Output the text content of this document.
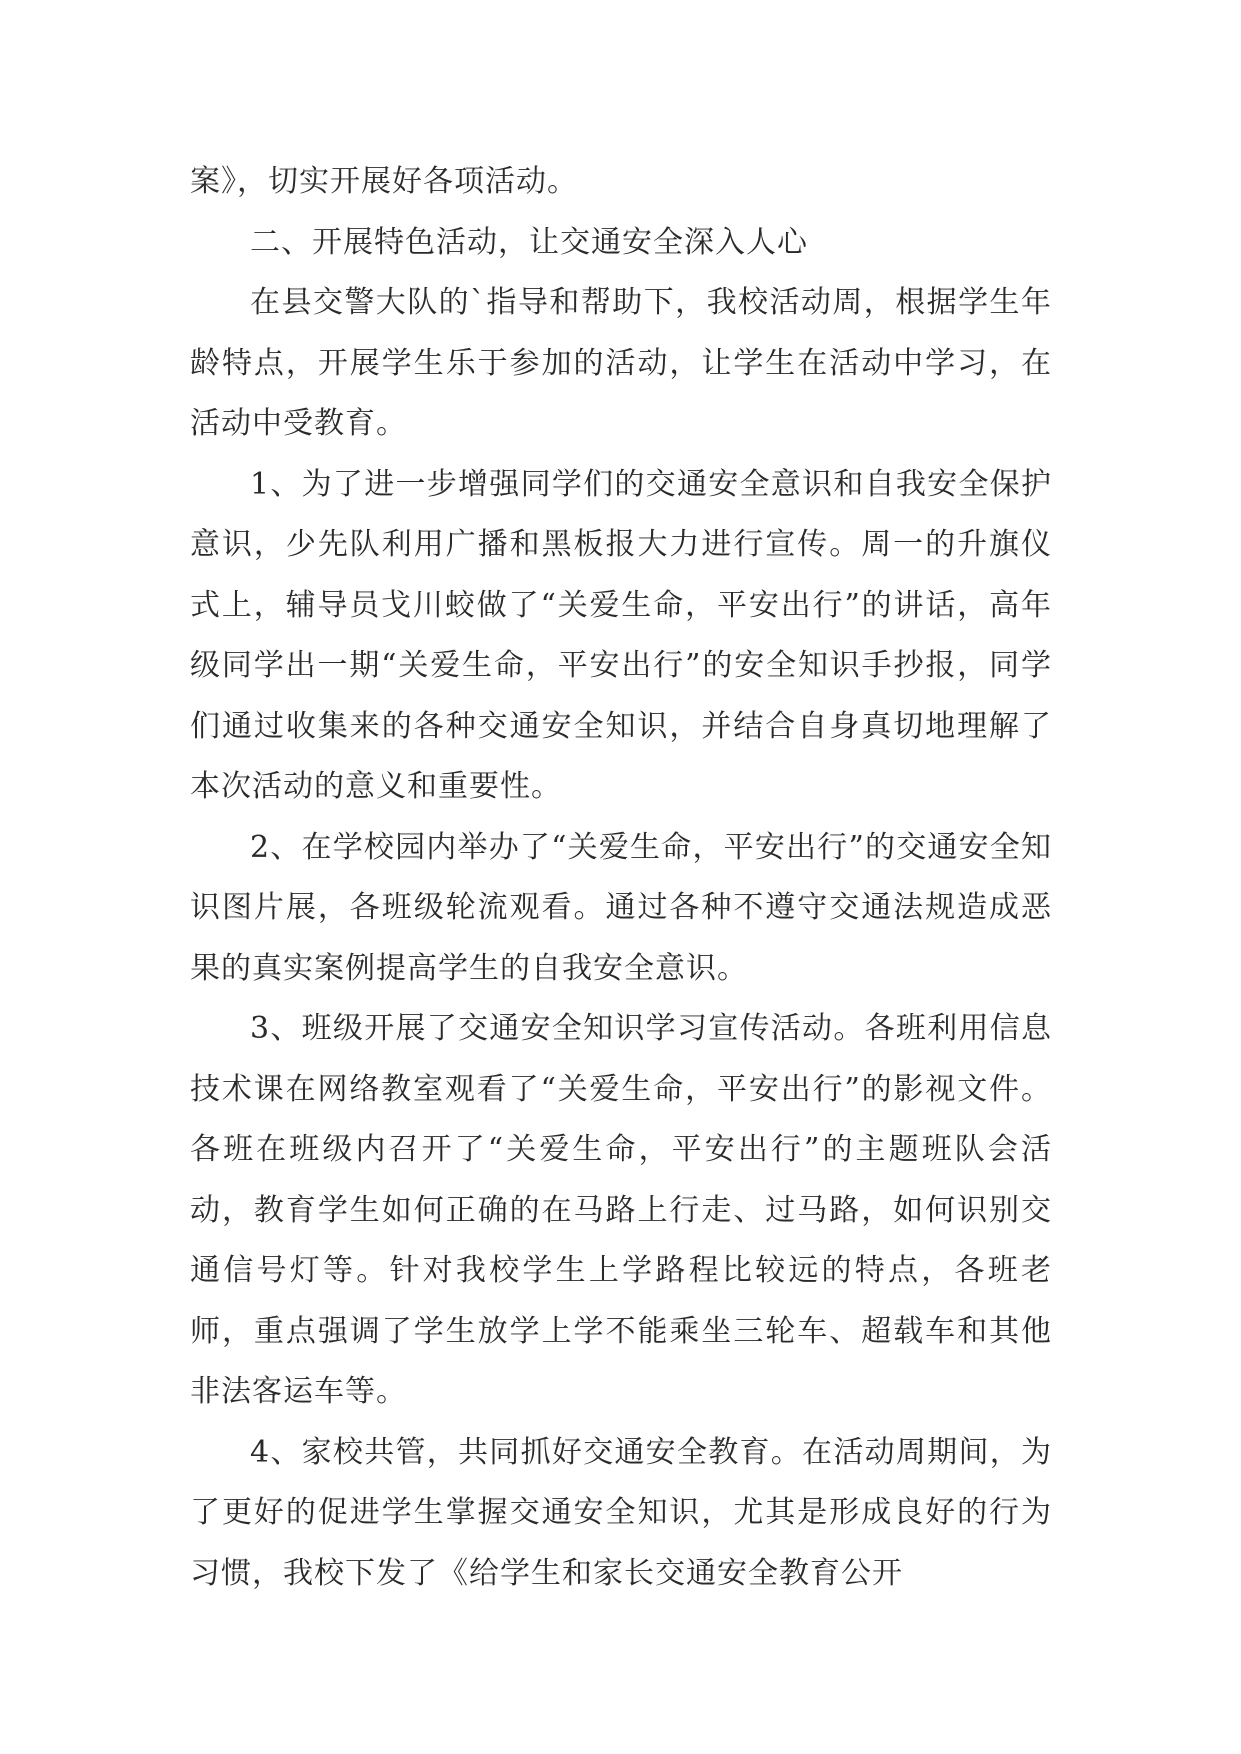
案》，切实开展好各项活动。

二、开展特色活动，让交通安全深入人心

在县交警大队的`指导和帮助下，我校活动周，根据学生年龄特点，开展学生乐于参加的活动，让学生在活动中学习，在活动中受教育。

1、为了进一步增强同学们的交通安全意识和自我安全保护意识，少先队利用广播和黑板报大力进行宣传。周一的升旗仪式上，辅导员戈川蛟做了“关爱生命，平安出行”的讲话，高年级同学出一期“关爱生命，平安出行”的安全知识手抄报，同学们通过收集来的各种交通安全知识，并结合自身真切地理解了本次活动的意义和重要性。

2、在学校园内举办了“关爱生命，平安出行”的交通安全知识图片展，各班级轮流观看。通过各种不遵守交通法规造成恶果的真实案例提高学生的自我安全意识。

3、班级开展了交通安全知识学习宣传活动。各班利用信息技术课在网络教室观看了“关爱生命，平安出行”的影视文件。各班在班级内召开了“关爱生命，平安出行”的主题班队会活动，教育学生如何正确的在马路上行走、过马路，如何识别交通信号灯等。针对我校学生上学路程比较远的特点，各班老师，重点强调了学生放学上学不能乘坐三轮车、超载车和其他非法客运车等。

4、家校共管，共同抓好交通安全教育。在活动周期间，为了更好的促进学生掌握交通安全知识，尤其是形成良好的行为习惯，我校下发了《给学生和家长交通安全教育公开
